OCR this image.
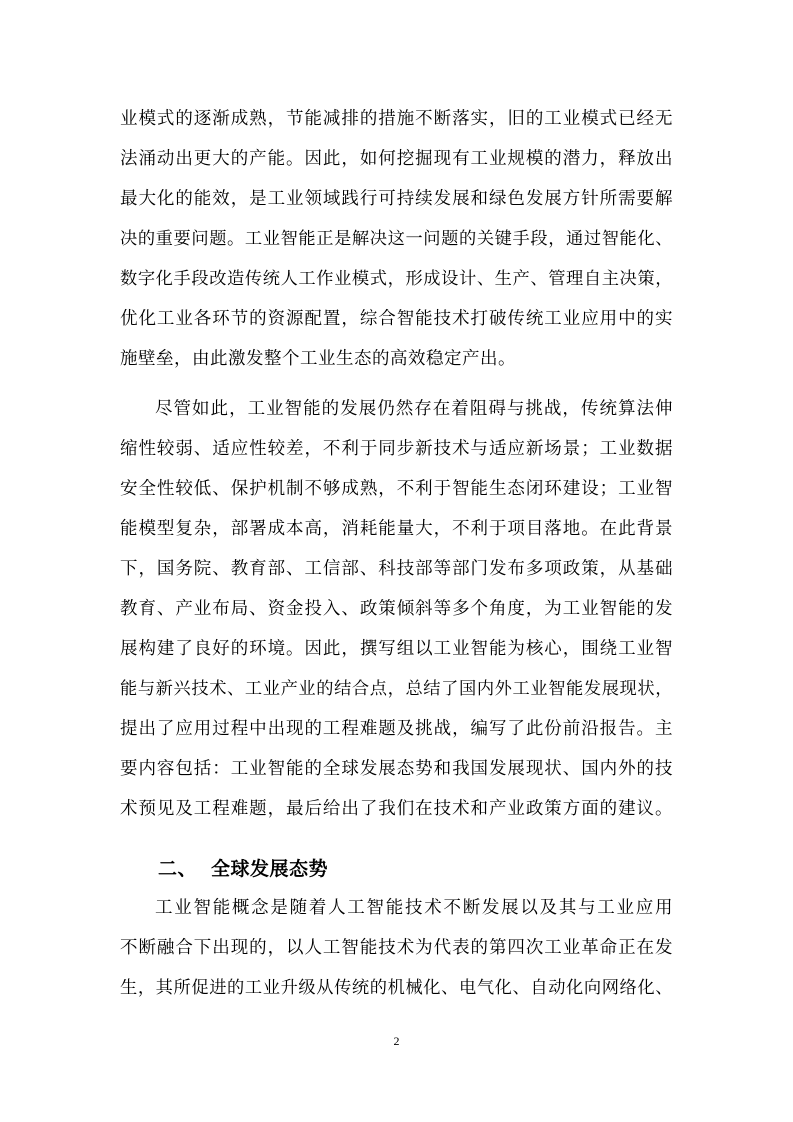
业模式的逐渐成熟，节能减排的措施不断落实，旧的工业模式已经无
法涌动出更大的产能。因此，如何挖掘现有工业规模的潜力，释放出
最大化的能效，是工业领域践行可持续发展和绿色发展方针所需要解
决的重要问题。工业智能正是解决这一问题的关键手段，通过智能化、
数字化手段改造传统人工作业模式，形成设计、生产、管理自主决策，
优化工业各环节的资源配置，综合智能技术打破传统工业应用中的实
施壁垒，由此激发整个工业生态的高效稳定产出。
尽管如此，工业智能的发展仍然存在着阻碍与挑战，传统算法伸
缩性较弱、适应性较差，不利于同步新技术与适应新场景；工业数据
安全性较低、保护机制不够成熟，不利于智能生态闭环建设；工业智
能模型复杂，部署成本高，消耗能量大，不利于项目落地。在此背景
下，国务院、教育部、工信部、科技部等部门发布多项政策，从基础
教育、产业布局、资金投入、政策倾斜等多个角度，为工业智能的发
展构建了良好的环境。因此，撰写组以工业智能为核心，围绕工业智
能与新兴技术、工业产业的结合点，总结了国内外工业智能发展现状，
提出了应用过程中出现的工程难题及挑战，编写了此份前沿报告。主
要内容包括：工业智能的全球发展态势和我国发展现状、国内外的技
术预见及工程难题，最后给出了我们在技术和产业政策方面的建议。
二、 全球发展态势
工业智能概念是随着人工智能技术不断发展以及其与工业应用
不断融合下出现的，以人工智能技术为代表的第四次工业革命正在发
生，其所促进的工业升级从传统的机械化、电气化、自动化向网络化、
2
